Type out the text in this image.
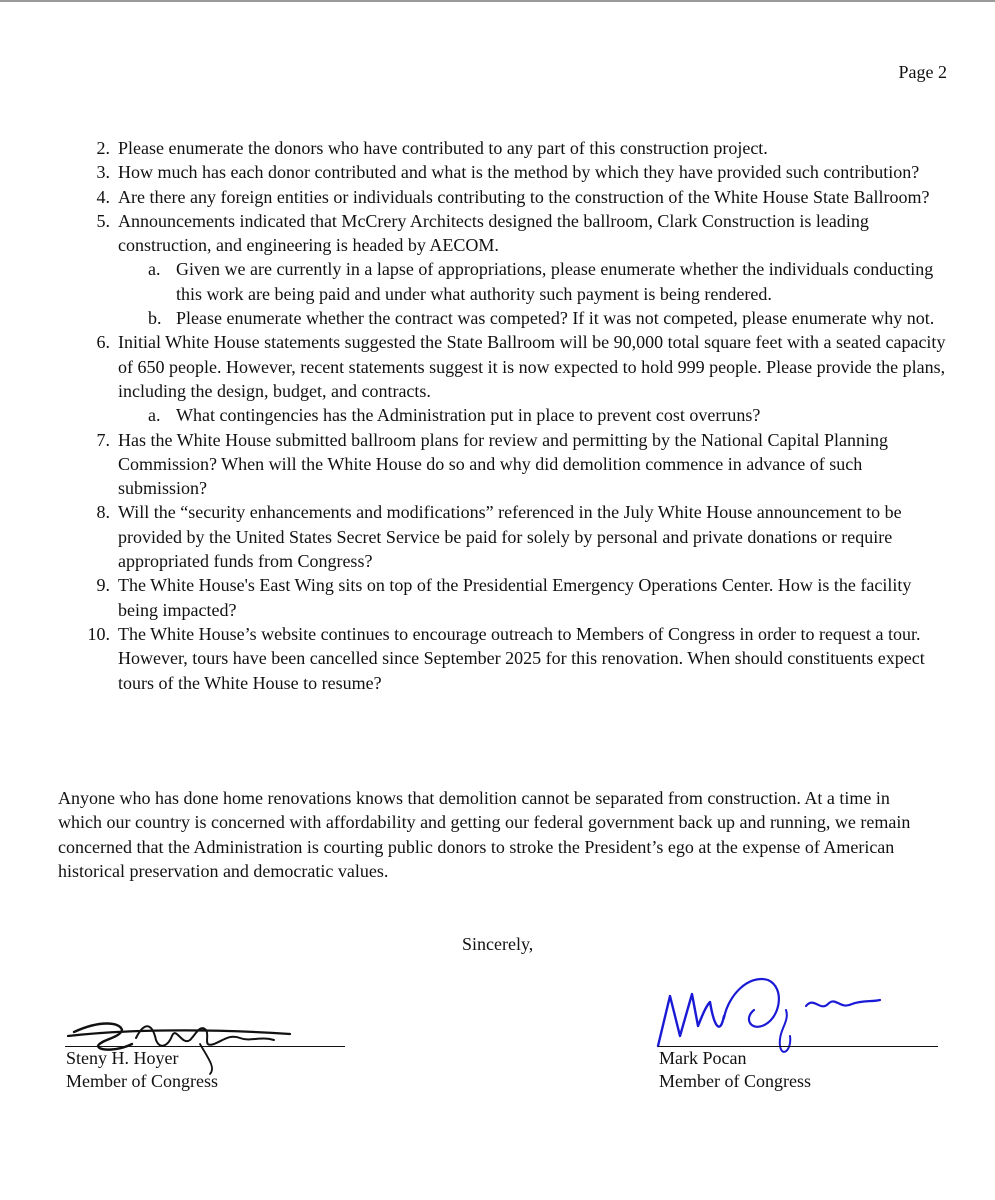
Page 2
2. Please enumerate the donors who have contributed to any part of this construction project.
3. How much has each donor contributed and what is the method by which they have provided such contribution?
4. Are there any foreign entities or individuals contributing to the construction of the White House State Ballroom?
5. Announcements indicated that McCrery Architects designed the ballroom, Clark Construction is leading construction, and engineering is headed by AECOM.
a. Given we are currently in a lapse of appropriations, please enumerate whether the individuals conducting this work are being paid and under what authority such payment is being rendered.
b. Please enumerate whether the contract was competed? If it was not competed, please enumerate why not.
6. Initial White House statements suggested the State Ballroom will be 90,000 total square feet with a seated capacity of 650 people. However, recent statements suggest it is now expected to hold 999 people. Please provide the plans, including the design, budget, and contracts.
a. What contingencies has the Administration put in place to prevent cost overruns?
7. Has the White House submitted ballroom plans for review and permitting by the National Capital Planning Commission? When will the White House do so and why did demolition commence in advance of such submission?
8. Will the “security enhancements and modifications” referenced in the July White House announcement to be provided by the United States Secret Service be paid for solely by personal and private donations or require appropriated funds from Congress?
9. The White House's East Wing sits on top of the Presidential Emergency Operations Center. How is the facility being impacted?
10. The White House’s website continues to encourage outreach to Members of Congress in order to request a tour. However, tours have been cancelled since September 2025 for this renovation. When should constituents expect tours of the White House to resume?

Anyone who has done home renovations knows that demolition cannot be separated from construction. At a time in which our country is concerned with affordability and getting our federal government back up and running, we remain concerned that the Administration is courting public donors to stroke the President’s ego at the expense of American historical preservation and democratic values.

Sincerely,
Steny H. Hoyer
Member of Congress
Mark Pocan
Member of Congress
